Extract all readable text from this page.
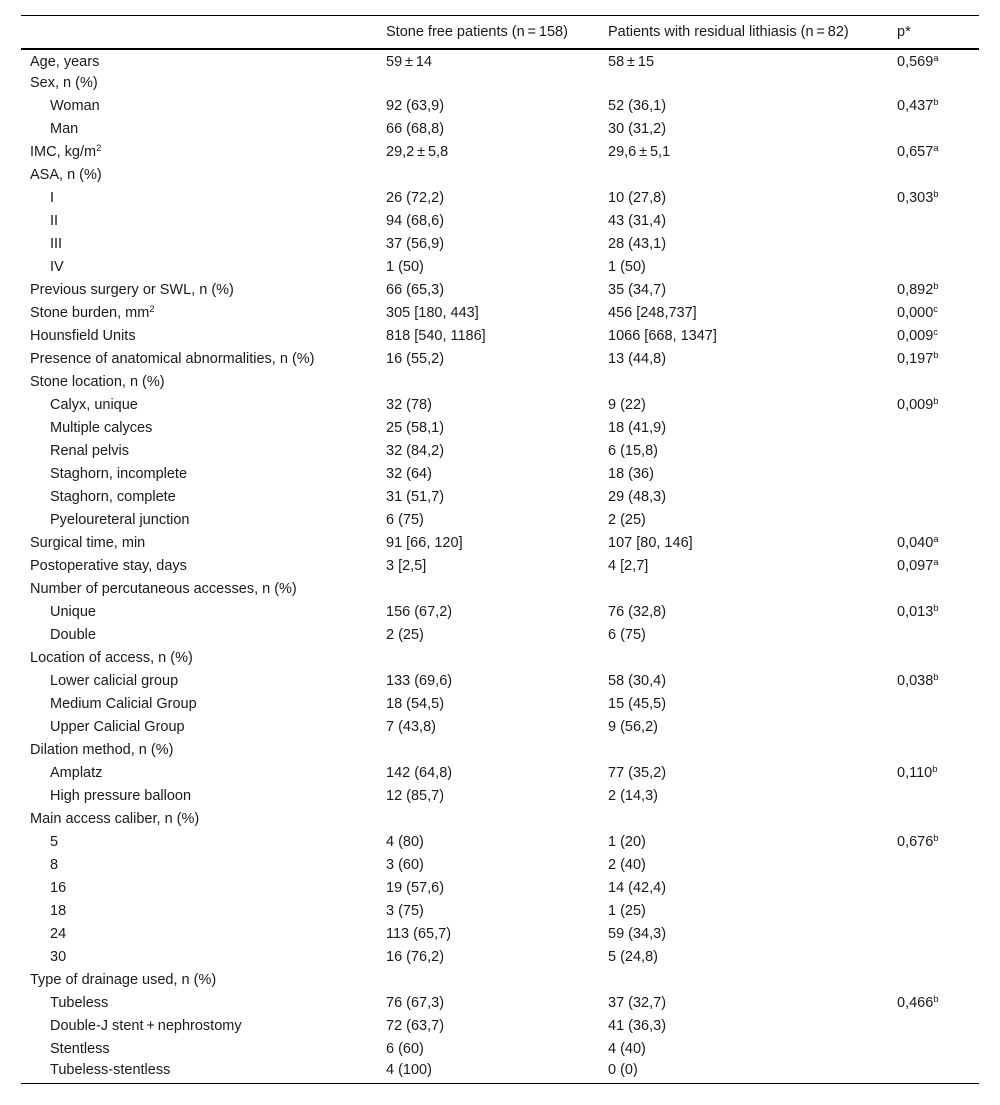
	Stone free patients (n = 158)	Patients with residual lithiasis (n = 82)	p*
Age, years	59 ± 14	58 ± 15	0,569$^a$
Sex, n (%)			
Woman	92 (63,9)	52 (36,1)	0,437$^b$
Man	66 (68,8)	30 (31,2)	
IMC, $kg/m^2$	29,2 ± 5,8	29,6 ± 5,1	0,657$^a$
ASA, n (%)			
I	26 (72,2)	10 (27,8)	0,303$^b$
II	94 (68,6)	43 (31,4)	
III	37 (56,9)	28 (43,1)	
IV	1 (50)	1 (50)	
Previous surgery or SWL, n (%)	66 (65,3)	35 (34,7)	0,892$^b$
Stone burden, $mm^2$	305 [180, 443]	456 [248,737]	0,000$^c$
Hounsfield Units	818 [540, 1186]	1066 [668, 1347]	0,009$^c$
Presence of anatomical abnormalities, n (%)	16 (55,2)	13 (44,8)	0,197$^b$
Stone location, n (%)			
Calyx, unique	32 (78)	9 (22)	0,009$^b$
Multiple calyces	25 (58,1)	18 (41,9)	
Renal pelvis	32 (84,2)	6 (15,8)	
Staghorn, incomplete	32 (64)	18 (36)	
Staghorn, complete	31 (51,7)	29 (48,3)	
Pyeloureteral junction	6 (75)	2 (25)	
Surgical time, min	91 [66, 120]	107 [80, 146]	0,040$^a$
Postoperative stay, days	3 [2,5]	4 [2,7]	0,097$^a$
Number of percutaneous accesses, n (%)			
Unique	156 (67,2)	76 (32,8)	0,013$^b$
Double	2 (25)	6 (75)	
Location of access, n (%)			
Lower calicial group	133 (69,6)	58 (30,4)	0,038$^b$
Medium Calicial Group	18 (54,5)	15 (45,5)	
Upper Calicial Group	7 (43,8)	9 (56,2)	
Dilation method, n (%)			
Amplatz	142 (64,8)	77 (35,2)	0,110$^b$
High pressure balloon	12 (85,7)	2 (14,3)	
Main access caliber, n (%)			
5	4 (80)	1 (20)	0,676$^b$
8	3 (60)	2 (40)	
16	19 (57,6)	14 (42,4)	
18	3 (75)	1 (25)	
24	113 (65,7)	59 (34,3)	
30	16 (76,2)	5 (24,8)	
Type of drainage used, n (%)			
Tubeless	76 (67,3)	37 (32,7)	0,466$^b$
Double-J stent + nephrostomy	72 (63,7)	41 (36,3)	
Stentless	6 (60)	4 (40)	
Tubeless-stentless	4 (100)	0 (0)	
